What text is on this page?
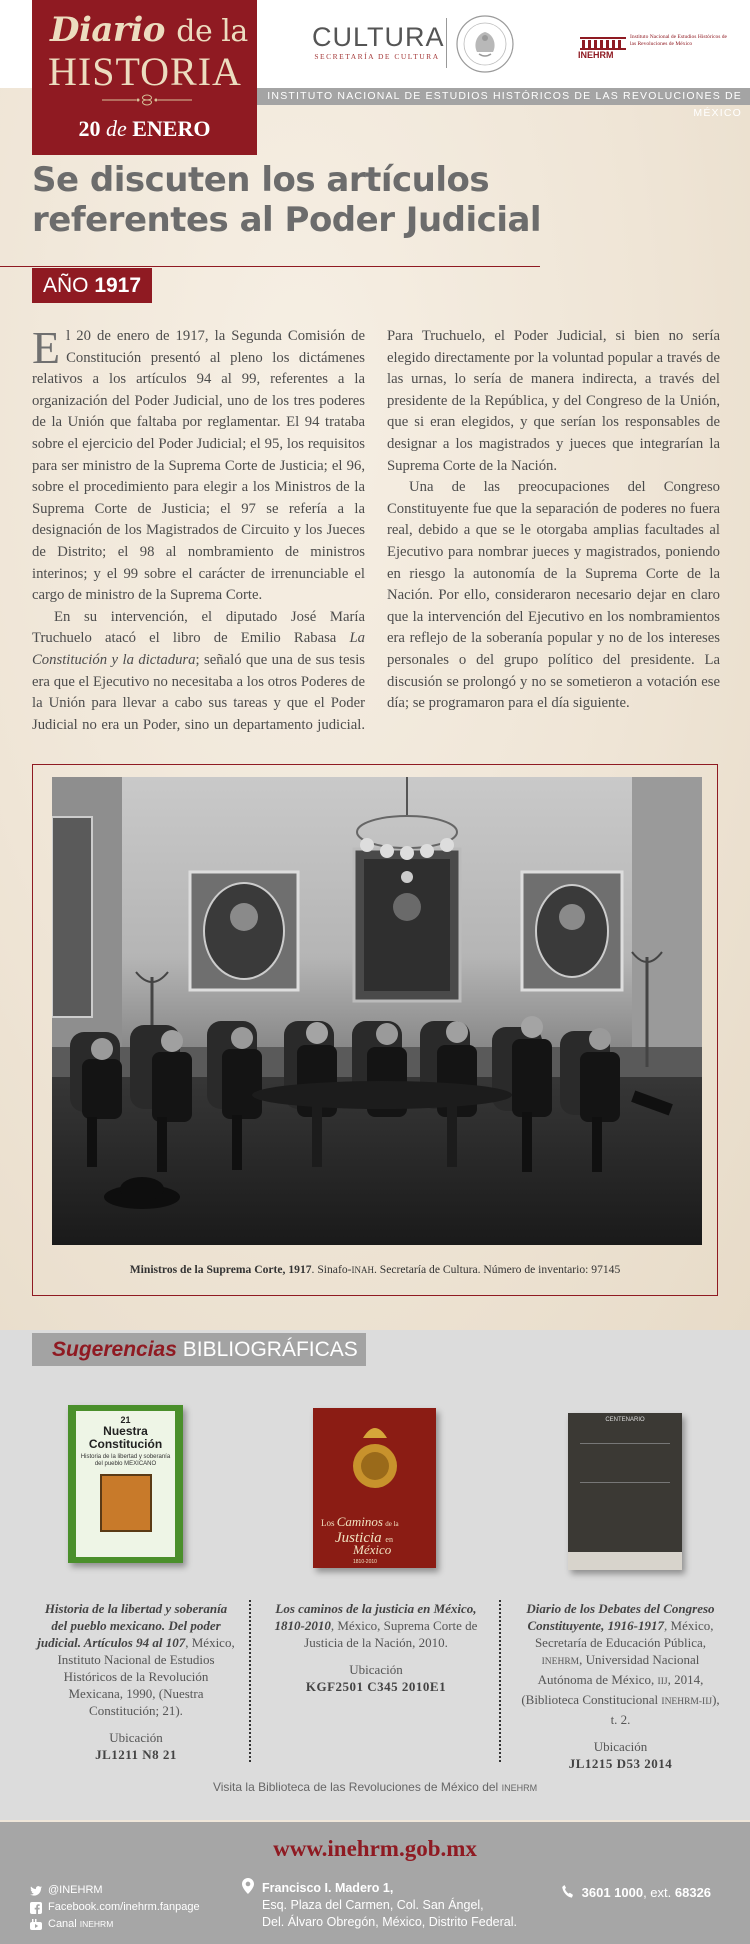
INSTITUTO NACIONAL DE ESTUDIOS HISTÓRICOS DE LAS REVOLUCIONES DE MÉXICO
Diario de la
HISTORIA
20 de ENERO
CULTURA
SECRETARÍA DE CULTURA	INEHRM
Instituto Nacional de Estudios Históricos de las Revoluciones de México
Se discuten los artículos referentes al Poder Judicial
AÑO 1917

El 20 de enero de 1917, la Segunda Comisión de Constitución presentó al pleno los dictámenes relativos a los artículos 94 al 99, referentes a la organización del Poder Judicial, uno de los tres poderes de la Unión que faltaba por reglamentar. El 94 trataba sobre el ejercicio del Poder Judicial; el 95, los requisitos para ser ministro de la Suprema Corte de Justicia; el 96, sobre el procedimiento para elegir a los Ministros de la Suprema Corte de Justicia; el 97 se refería a la designación de los Magistrados de Circuito y los Jueces de Distrito; el 98 al nombramiento de ministros interinos; y el 99 sobre el carácter de irrenunciable el cargo de ministro de la Suprema Corte.

En su intervención, el diputado José María Truchuelo atacó el libro de Emilio Rabasa La Constitución y la dictadura; señaló que una de sus tesis era que el Ejecutivo no necesitaba a los otros Poderes de la Unión para llevar a cabo sus tareas y que el Poder Judicial no era un Poder, sino un departamento judicial. Para Truchuelo, el Poder Judicial, si bien no sería elegido directamente por la voluntad popular a través de las urnas, lo sería de manera indirecta, a través del presidente de la República, y del Congreso de la Unión, que si eran elegidos, y que serían los responsables de designar a los magistrados y jueces que integrarían la Suprema Corte de la Nación.

Una de las preocupaciones del Congreso Constituyente fue que la separación de poderes no fuera real, debido a que se le otorgaba amplias facultades al Ejecutivo para nombrar jueces y magistrados, poniendo en riesgo la autonomía de la Suprema Corte de la Nación. Por ello, consideraron necesario dejar en claro que la intervención del Ejecutivo en los nombramientos era reflejo de la soberanía popular y no de los intereses personales o del grupo político del presidente. La discusión se prolongó y no se sometieron a votación ese día; se programaron para el día siguiente.

Ministros de la Suprema Corte, 1917. Sinafo-INAH. Secretaría de Cultura. Número de inventario: 97145
Sugerencias BIBLIOGRÁFICAS
21
Nuestra Constitución
Historia de la libertad y soberanía del pueblo MEXICANO
Los Caminos de la
Justicia en
México
1810-2010
CENTENARIO
Historia de la libertad y soberanía del pueblo mexicano. Del poder judicial. Artículos 94 al 107, México, Instituto Nacional de Estudios Históricos de la Revolución Mexicana, 1990, (Nuestra Constitución; 21).
Ubicación
JL1211 N8 21
Los caminos de la justicia en México, 1810-2010, México, Suprema Corte de Justicia de la Nación, 2010.
Ubicación
KGF2501 C345 2010E1
Diario de los Debates del Congreso Constituyente, 1916-1917, México, Secretaría de Educación Pública, INEHRM, Universidad Nacional Autónoma de México, IIJ, 2014, (Biblioteca Constitucional INEHRM-IIJ), t. 2.
Ubicación
JL1215 D53 2014
Visita la Biblioteca de las Revoluciones de México del INEHRM
www.inehrm.gob.mx
@INEHRM
Facebook.com/inehrm.fanpage
Canal INEHRM
Francisco I. Madero 1,
Esq. Plaza del Carmen, Col. San Ángel,
Del. Álvaro Obregón, México, Distrito Federal.
3601 1000, ext. 68326
